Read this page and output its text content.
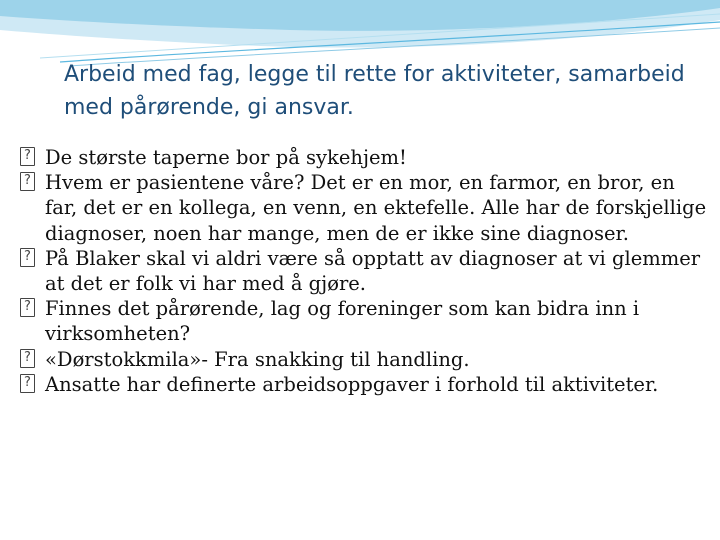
Arbeid med fag, legge til rette for aktiviteter, samarbeid med pårørende, gi ansvar.
?
De største taperne bor på sykehjem!
?
Hvem er pasientene våre? Det er en mor, en farmor, en bror, en far, det er en kollega, en venn, en ektefelle. Alle har de forskjellige diagnoser, noen har mange, men de er ikke sine diagnoser.
?
På Blaker skal vi aldri være så opptatt av diagnoser at vi glemmer at det er folk vi har med å gjøre.
?
Finnes det pårørende, lag og foreninger som kan bidra inn i virksomheten?
?
«Dørstokkmila»- Fra snakking til handling.
?
Ansatte har definerte arbeidsoppgaver i forhold til aktiviteter.
